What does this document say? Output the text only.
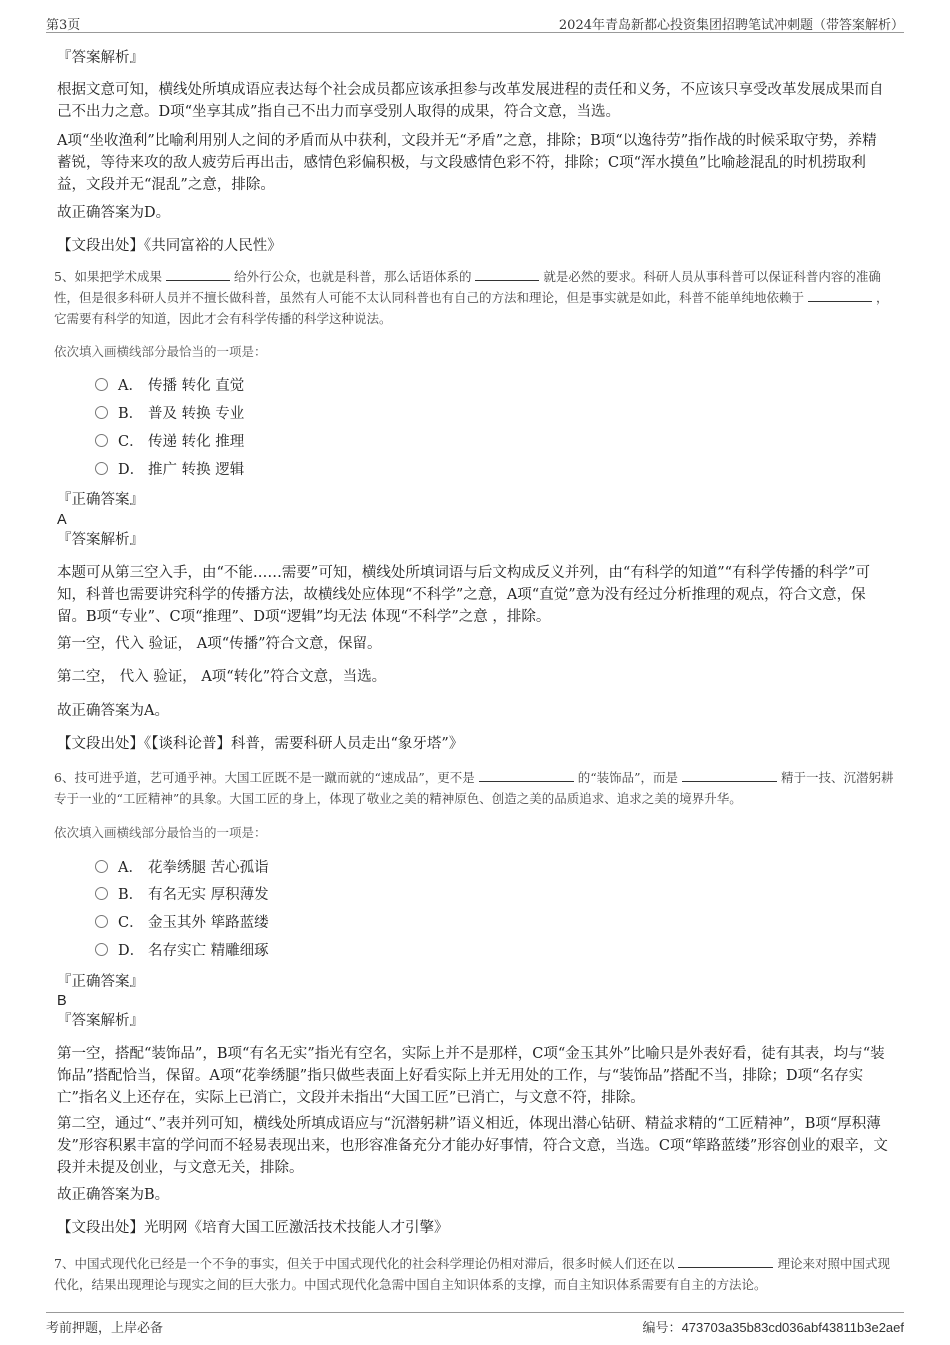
第3页	2024年青岛新都心投资集团招聘笔试冲刺题（带答案解析）
『答案解析』
根据文意可知，横线处所填成语应表达每个社会成员都应该承担参与改革发展进程的责任和义务，不应该只享受改革发展成果而自己不出力之意。D项“坐享其成”指自己不出力而享受别人取得的成果，符合文意，当选。
A项“坐收渔利”比喻利用别人之间的矛盾而从中获利，文段并无“矛盾”之意，排除；B项“以逸待劳”指作战的时候采取守势，养精蓄锐，等待来攻的敌人疲劳后再出击，感情色彩偏积极，与文段感情色彩不符，排除；C项“浑水摸鱼”比喻趁混乱的时机捞取利益，文段并无“混乱”之意，排除。
故正确答案为D。
【文段出处】《共同富裕的人民性》
5、如果把学术成果	给外行公众，也就是科普，那么话语体系的	就是必然的要求。科研人员从事科普可以保证科普内容的准确性，但是很多科研人员并不擅长做科普，虽然有人可能不太认同科普也有自己的方法和理论，但是事实就是如此，科普不能单纯地依赖于	，它需要有科学的知道，因此才会有科学传播的科学这种说法。
依次填入画横线部分最恰当的一项是：
A． 传播 转化 直觉
B． 普及 转换 专业
C． 传递 转化 推理
D． 推广 转换 逻辑
『正确答案』
A
『答案解析』
本题可从第三空入手，由“不能……需要”可知，横线处所填词语与后文构成反义并列，由“有科学的知道”“有科学传播的科学”可知，科普也需要讲究科学的传播方法，故横线处应体现“不科学”之意，A项“直觉”意为没有经过分析推理的观点，符合文意，保留。B项“专业”、C项“推理”、D项“逻辑”均无法 体现“不科学”之意 ，排除。
第一空，代入 验证， A项“传播”符合文意，保留。
第二空， 代入 验证， A项“转化”符合文意，当选。
故正确答案为A。
【文段出处】《【谈科论普】科普，需要科研人员走出“象牙塔”》
6、技可进乎道，艺可通乎神。大国工匠既不是一蹴而就的“速成品”，更不是	的“装饰品”，而是	精于一技、沉潜躬耕专于一业的“工匠精神”的具象。大国工匠的身上，体现了敬业之美的精神原色、创造之美的品质追求、追求之美的境界升华。
依次填入画横线部分最恰当的一项是：
A． 花拳绣腿 苦心孤诣
B． 有名无实 厚积薄发
C． 金玉其外 筚路蓝缕
D． 名存实亡 精雕细琢
『正确答案』
B
『答案解析』
第一空，搭配“装饰品”，B项“有名无实”指光有空名，实际上并不是那样，C项“金玉其外”比喻只是外表好看，徒有其表，均与“装饰品”搭配恰当，保留。A项“花拳绣腿”指只做些表面上好看实际上并无用处的工作，与“装饰品”搭配不当，排除；D项“名存实亡”指名义上还存在，实际上已消亡，文段并未指出“大国工匠”已消亡，与文意不符，排除。
第二空，通过“、”表并列可知，横线处所填成语应与“沉潜躬耕”语义相近，体现出潜心钻研、精益求精的“工匠精神”，B项“厚积薄发”形容积累丰富的学问而不轻易表现出来，也形容准备充分才能办好事情，符合文意，当选。C项“筚路蓝缕”形容创业的艰辛，文段并未提及创业，与文意无关，排除。
故正确答案为B。
【文段出处】光明网《培育大国工匠激活技术技能人才引擎》
7、中国式现代化已经是一个不争的事实，但关于中国式现代化的社会科学理论仍相对滞后，很多时候人们还在以	理论来对照中国式现代化，结果出现理论与现实之间的巨大张力。中国式现代化急需中国自主知识体系的支撑，而自主知识体系需要有自主的方法论。
考前押题，上岸必备	编号：473703a35b83cd036abf43811b3e2aef
